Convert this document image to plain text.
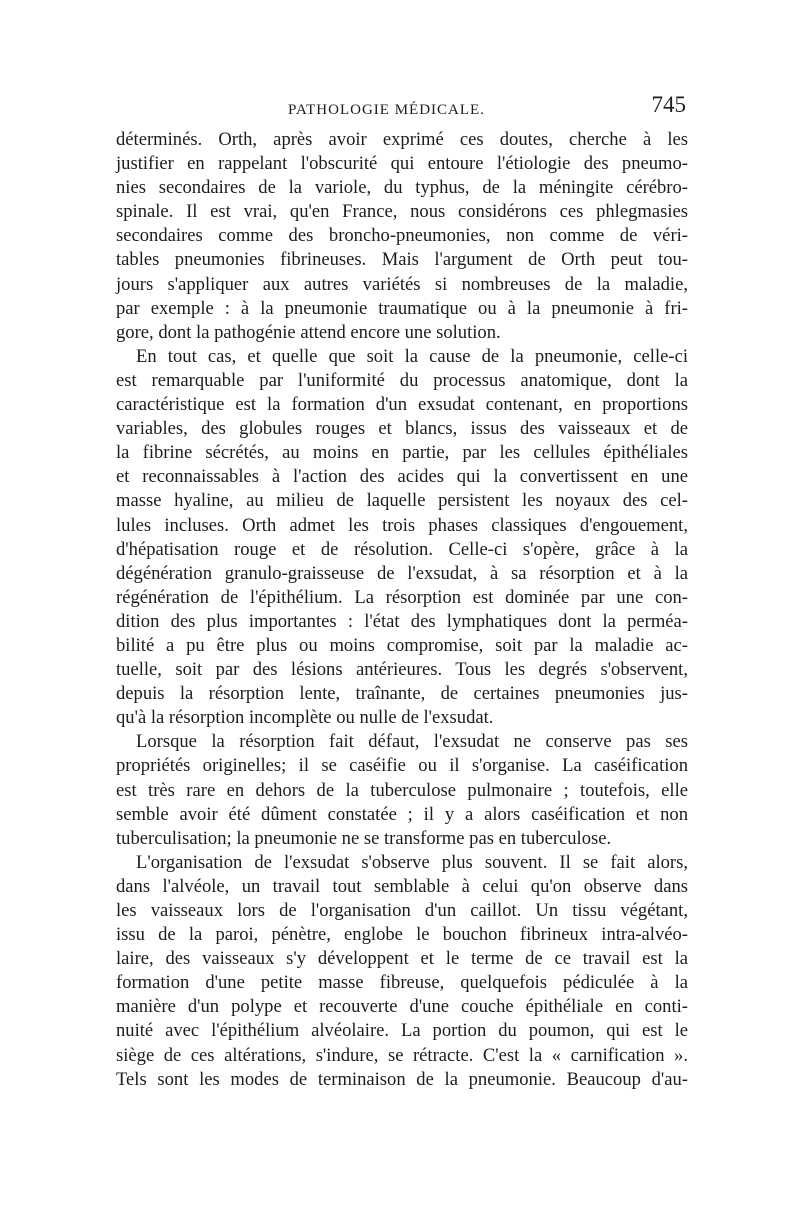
PATHOLOGIE MÉDICALE.	745
déterminés. Orth, après avoir exprimé ces doutes, cherche à les
justifier en rappelant l'obscurité qui entoure l'étiologie des pneumo-
nies secondaires de la variole, du typhus, de la méningite cérébro-
spinale. Il est vrai, qu'en France, nous considérons ces phlegmasies
secondaires comme des broncho-pneumonies, non comme de véri-
tables pneumonies fibrineuses. Mais l'argument de Orth peut tou-
jours s'appliquer aux autres variétés si nombreuses de la maladie,
par exemple : à la pneumonie traumatique ou à la pneumonie à fri-
gore, dont la pathogénie attend encore une solution.
En tout cas, et quelle que soit la cause de la pneumonie, celle-ci
est remarquable par l'uniformité du processus anatomique, dont la
caractéristique est la formation d'un exsudat contenant, en proportions
variables, des globules rouges et blancs, issus des vaisseaux et de
la fibrine sécrétés, au moins en partie, par les cellules épithéliales
et reconnaissables à l'action des acides qui la convertissent en une
masse hyaline, au milieu de laquelle persistent les noyaux des cel-
lules incluses. Orth admet les trois phases classiques d'engouement,
d'hépatisation rouge et de résolution. Celle-ci s'opère, grâce à la
dégénération granulo-graisseuse de l'exsudat, à sa résorption et à la
régénération de l'épithélium. La résorption est dominée par une con-
dition des plus importantes : l'état des lymphatiques dont la perméa-
bilité a pu être plus ou moins compromise, soit par la maladie ac-
tuelle, soit par des lésions antérieures. Tous les degrés s'observent,
depuis la résorption lente, traînante, de certaines pneumonies jus-
qu'à la résorption incomplète ou nulle de l'exsudat.
Lorsque la résorption fait défaut, l'exsudat ne conserve pas ses
propriétés originelles; il se caséifie ou il s'organise. La caséification
est très rare en dehors de la tuberculose pulmonaire ; toutefois, elle
semble avoir été dûment constatée ; il y a alors caséification et non
tuberculisation; la pneumonie ne se transforme pas en tuberculose.
L'organisation de l'exsudat s'observe plus souvent. Il se fait alors,
dans l'alvéole, un travail tout semblable à celui qu'on observe dans
les vaisseaux lors de l'organisation d'un caillot. Un tissu végétant,
issu de la paroi, pénètre, englobe le bouchon fibrineux intra-alvéo-
laire, des vaisseaux s'y développent et le terme de ce travail est la
formation d'une petite masse fibreuse, quelquefois pédiculée à la
manière d'un polype et recouverte d'une couche épithéliale en conti-
nuité avec l'épithélium alvéolaire. La portion du poumon, qui est le
siège de ces altérations, s'indure, se rétracte. C'est la « carnification ».
Tels sont les modes de terminaison de la pneumonie. Beaucoup d'au-
